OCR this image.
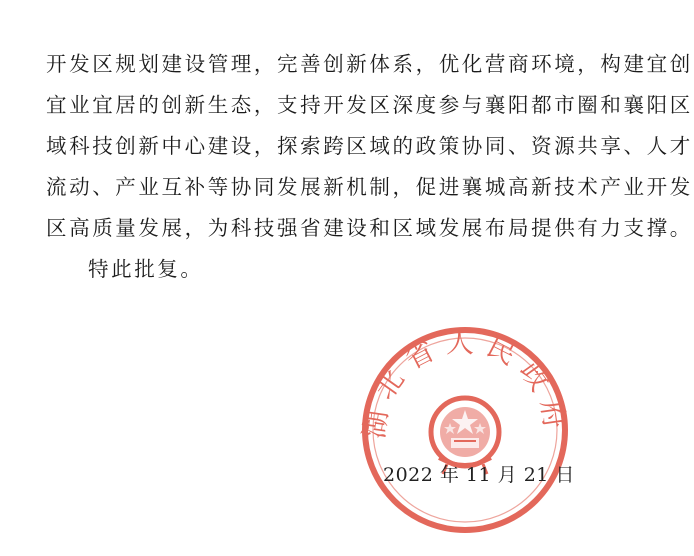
开发区规划建设管理，完善创新体系，优化营商环境，构建宜创
宜业宜居的创新生态，支持开发区深度参与襄阳都市圈和襄阳区
域科技创新中心建设，探索跨区域的政策协同、资源共享、人才
流动、产业互补等协同发展新机制，促进襄城高新技术产业开发
区高质量发展，为科技强省建设和区域发展布局提供有力支撑。
特此批复。
湖北省人民政府
2022 年 11 月 21 日
